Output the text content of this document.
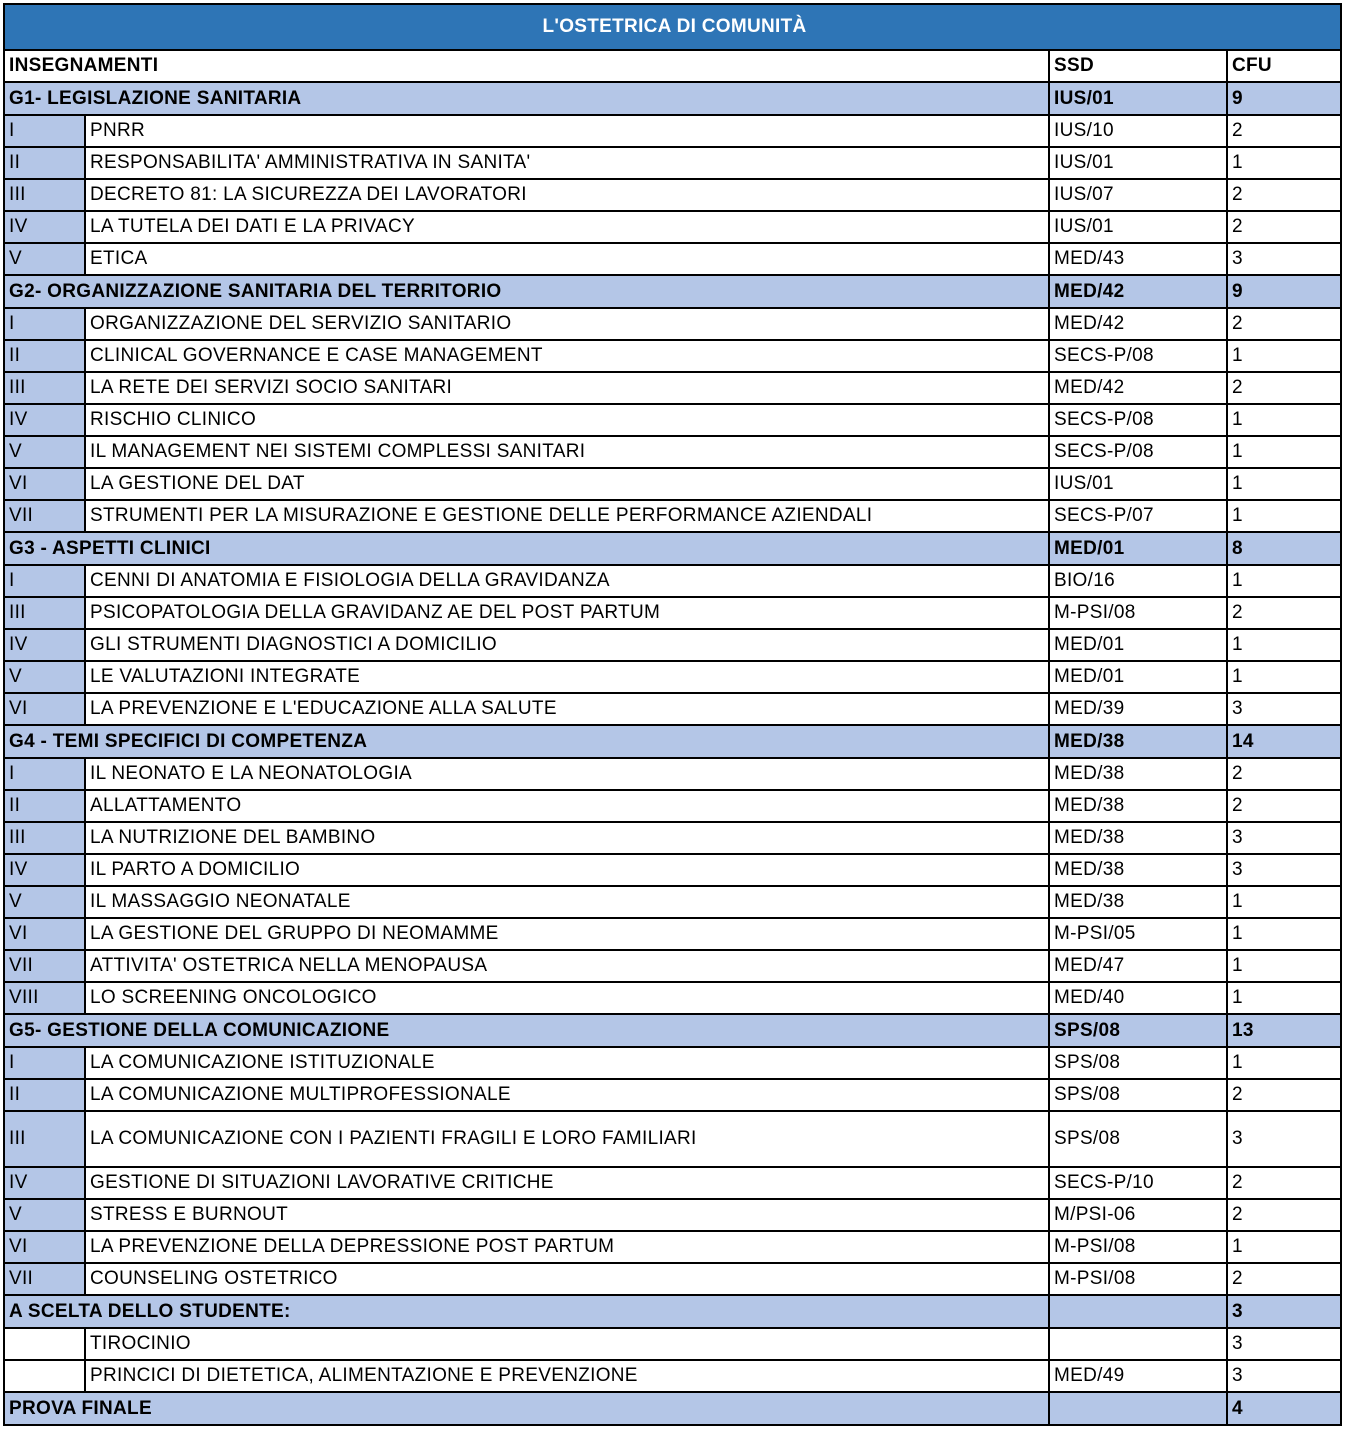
L'OSTETRICA DI COMUNITÀ			
INSEGNAMENTI		SSD	CFU
G1- LEGISLAZIONE SANITARIA		IUS/01	9
I	PNRR	IUS/10	2
II	RESPONSABILITA' AMMINISTRATIVA IN SANITA'	IUS/01	1
III	DECRETO 81: LA SICUREZZA DEI LAVORATORI	IUS/07	2
IV	LA TUTELA DEI DATI E LA PRIVACY	IUS/01	2
V	ETICA	MED/43	3
G2- ORGANIZZAZIONE SANITARIA DEL TERRITORIO		MED/42	9
I	ORGANIZZAZIONE DEL SERVIZIO SANITARIO	MED/42	2
II	CLINICAL GOVERNANCE E CASE MANAGEMENT	SECS-P/08	1
III	LA RETE DEI SERVIZI SOCIO SANITARI	MED/42	2
IV	RISCHIO CLINICO	SECS-P/08	1
V	IL MANAGEMENT NEI SISTEMI COMPLESSI SANITARI	SECS-P/08	1
VI	LA GESTIONE DEL DAT	IUS/01	1
VII	STRUMENTI PER LA MISURAZIONE E GESTIONE DELLE PERFORMANCE AZIENDALI	SECS-P/07	1
G3 - ASPETTI CLINICI		MED/01	8
I	CENNI DI ANATOMIA E FISIOLOGIA DELLA GRAVIDANZA	BIO/16	1
III	PSICOPATOLOGIA DELLA GRAVIDANZ AE DEL POST PARTUM	M-PSI/08	2
IV	GLI STRUMENTI DIAGNOSTICI A DOMICILIO	MED/01	1
V	LE VALUTAZIONI INTEGRATE	MED/01	1
VI	LA PREVENZIONE E L'EDUCAZIONE ALLA SALUTE	MED/39	3
G4 - TEMI SPECIFICI DI COMPETENZA		MED/38	14
I	IL NEONATO E LA NEONATOLOGIA	MED/38	2
II	ALLATTAMENTO	MED/38	2
III	LA NUTRIZIONE DEL BAMBINO	MED/38	3
IV	IL PARTO A DOMICILIO	MED/38	3
V	IL MASSAGGIO NEONATALE	MED/38	1
VI	LA GESTIONE DEL GRUPPO DI NEOMAMME	M-PSI/05	1
VII	ATTIVITA' OSTETRICA NELLA MENOPAUSA	MED/47	1
VIII	LO SCREENING ONCOLOGICO	MED/40	1
G5- GESTIONE DELLA COMUNICAZIONE		SPS/08	13
I	LA COMUNICAZIONE ISTITUZIONALE	SPS/08	1
II	LA COMUNICAZIONE MULTIPROFESSIONALE	SPS/08	2
III	LA COMUNICAZIONE CON I PAZIENTI FRAGILI E LORO FAMILIARI	SPS/08	3
IV	GESTIONE DI SITUAZIONI LAVORATIVE CRITICHE	SECS-P/10	2
V	STRESS E BURNOUT	M/PSI-06	2
VI	LA PREVENZIONE DELLA DEPRESSIONE POST PARTUM	M-PSI/08	1
VII	COUNSELING OSTETRICO	M-PSI/08	2
A SCELTA DELLO STUDENTE:			3
	TIROCINIO		3
	PRINCICI DI DIETETICA, ALIMENTAZIONE E PREVENZIONE	MED/49	3
PROVA FINALE			4
